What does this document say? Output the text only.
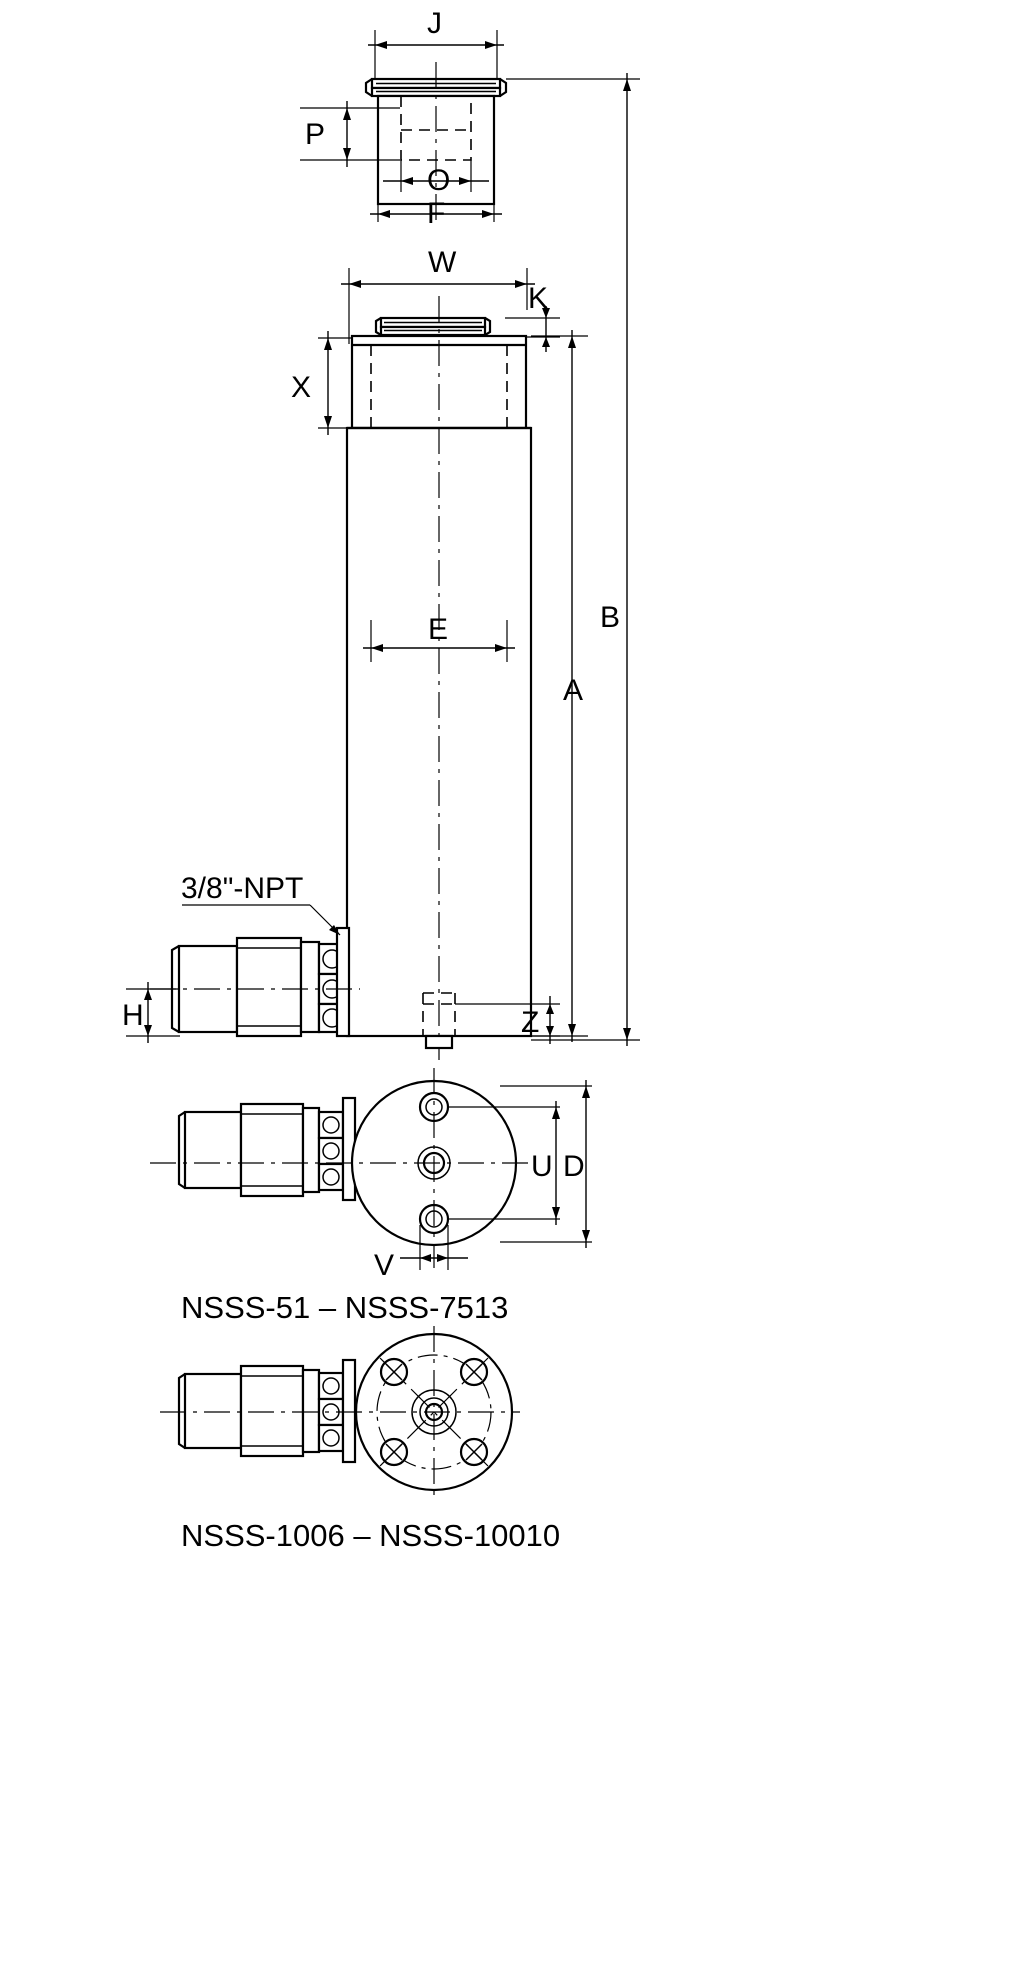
J
P
O
F
W
K
X
E
A
B
3/8"-NPT
H	Z
U D
V
NSSS-51 – NSSS-7513
NSSS-1006 – NSSS-10010
